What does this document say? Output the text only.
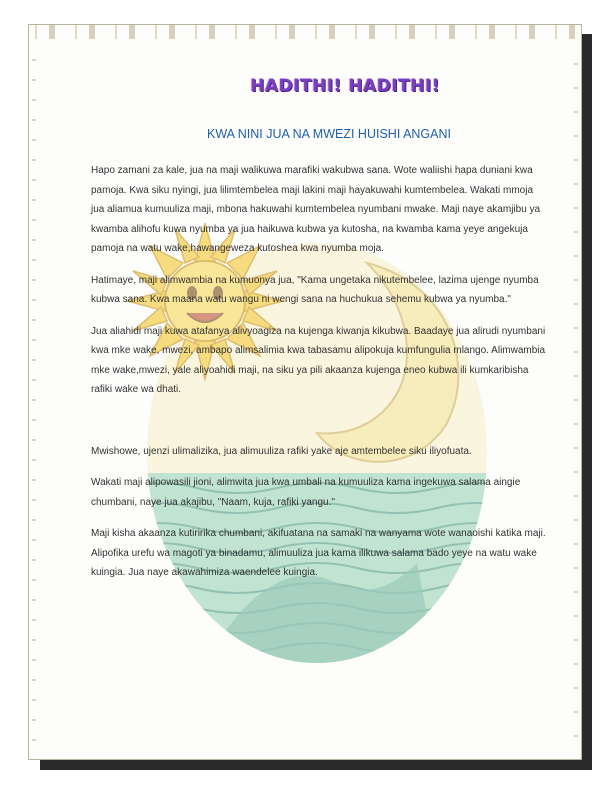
HADITHI! HADITHI!
KWA NINI JUA NA MWEZI HUISHI ANGANI

Hapo zamani za kale, jua na maji walikuwa marafiki wakubwa sana. Wote waliishi hapa duniani kwa pamoja. Kwa siku nyingi, jua lilimtembelea maji lakini maji hayakuwahi kumtembelea. Wakati mmoja jua aliamua kumuuliza maji, mbona hakuwahi kumtembelea nyumbani mwake. Maji naye akamjibu ya kwamba alihofu kuwa nyumba ya jua haikuwa kubwa ya kutosha, na kwamba kama yeye angekuja pamoja na watu wake,hawangeweza kutoshea kwa nyumba moja.

Hatimaye, maji alimwambia na kumuonya jua, "Kama ungetaka nikutembelee, lazima ujenge nyumba kubwa sana. Kwa maana watu wangu ni wengi sana na huchukua sehemu kubwa ya nyumba."

Jua aliahidi maji kuwa atafanya alivyoagiza na kujenga kiwanja kikubwa. Baadaye jua alirudi nyumbani kwa mke wake, mwezi, ambapo alimsalimia kwa tabasamu alipokuja kumfungulia mlango. Alimwambia mke wake,mwezi, yale aliyoahidi maji, na siku ya pili akaanza kujenga eneo kubwa ili kumkaribisha rafiki wake wa dhati.

Mwishowe, ujenzi ulimalizika, jua alimuuliza rafiki yake aje amtembelee siku iliyofuata.

Wakati maji alipowasili jioni, alimwita jua kwa umbali na kumuuliza kama ingekuwa salama aingie chumbani, naye jua akajibu, "Naam, kuja, rafiki yangu."

Maji kisha akaanza kutiririka chumbani, akifuatana na samaki na wanyama wote wanaoishi katika maji. Alipofika urefu wa magoti ya binadamu, alimuuliza jua kama ilikuwa salama bado yeye na watu wake kuingia. Jua naye akawahimiza waendelee kuingia.
